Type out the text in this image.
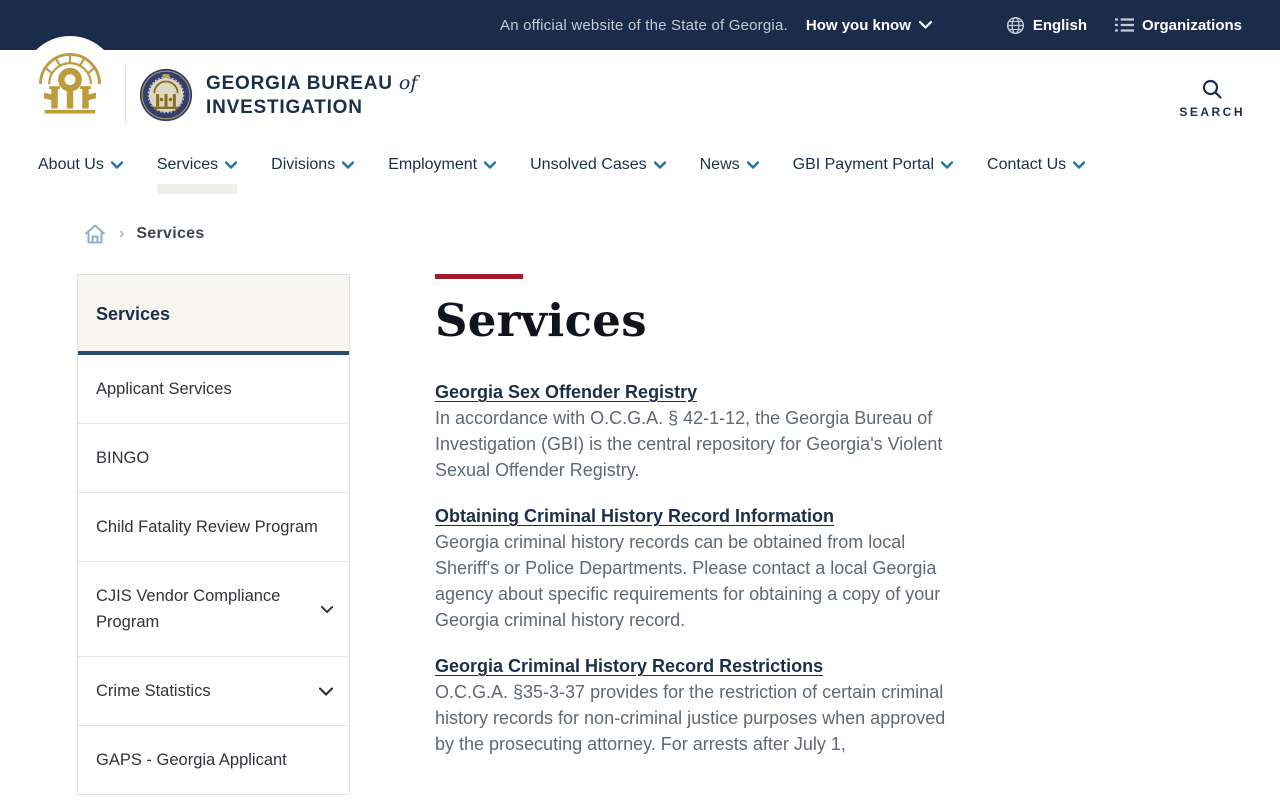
An official website of the State of Georgia. How you know	English	Organizations
GEORGIA BUREAU of
INVESTIGATION	SEARCH
About Us	Services	Divisions	Employment	Unsolved Cases	News	GBI Payment Portal	Contact Us
› Services
Services
Applicant Services
BINGO
Child Fatality Review Program
CJIS Vendor Compliance Program
Crime Statistics
GAPS - Georgia Applicant
Services
Georgia Sex Offender Registry

In accordance with O.C.G.A. § 42-1-12, the Georgia Bureau of Investigation (GBI) is the central repository for Georgia's Violent Sexual Offender Registry.

Obtaining Criminal History Record Information

Georgia criminal history records can be obtained from local Sheriff's or Police Departments. Please contact a local Georgia agency about specific requirements for obtaining a copy of your Georgia criminal history record.

Georgia Criminal History Record Restrictions

O.C.G.A. §35-3-37 provides for the restriction of certain criminal history records for non-criminal justice purposes when approved by the prosecuting attorney. For arrests after July 1,
